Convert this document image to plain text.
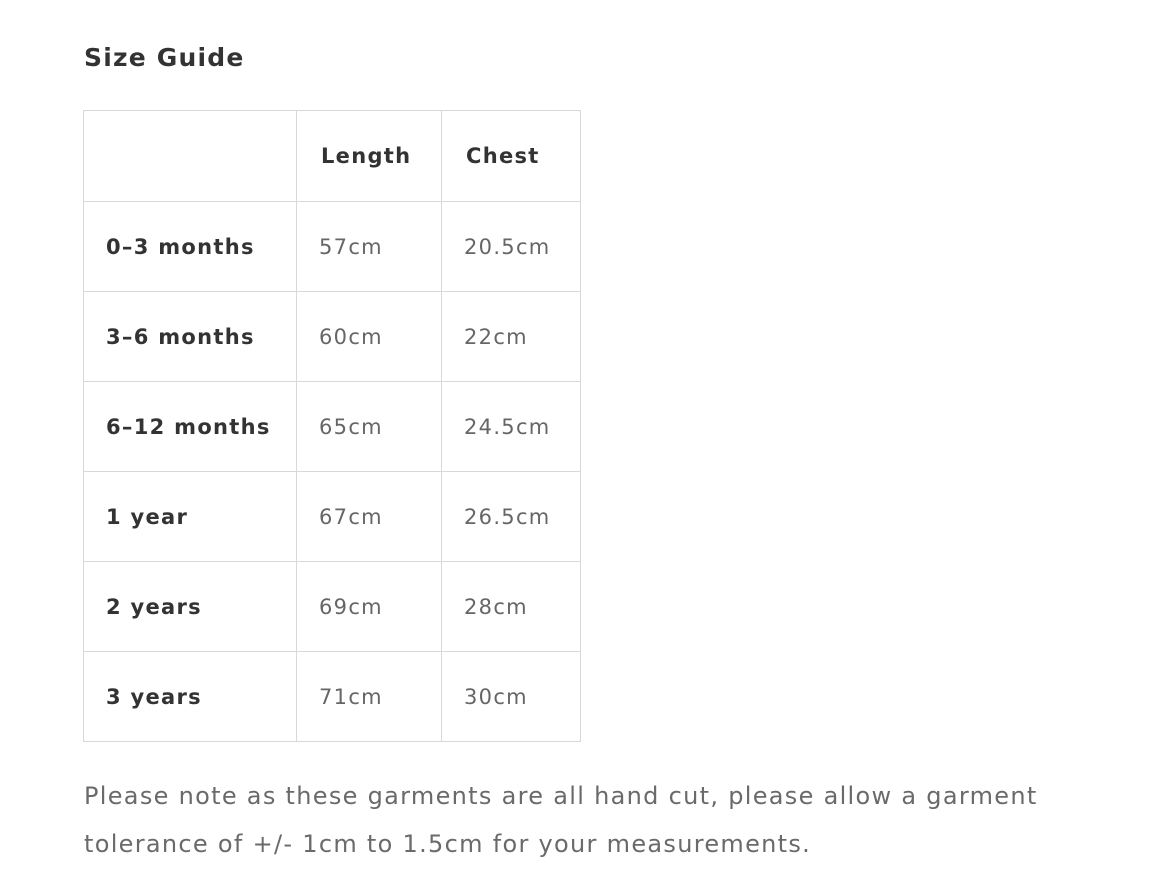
Size Guide
	Length	Chest
0–3 months	57cm	20.5cm
3–6 months	60cm	22cm
6–12 months	65cm	24.5cm
1 year	67cm	26.5cm
2 years	69cm	28cm
3 years	71cm	30cm

Please note as these garments are all hand cut, please allow a garment tolerance of +/- 1cm to 1.5cm for your measurements.
